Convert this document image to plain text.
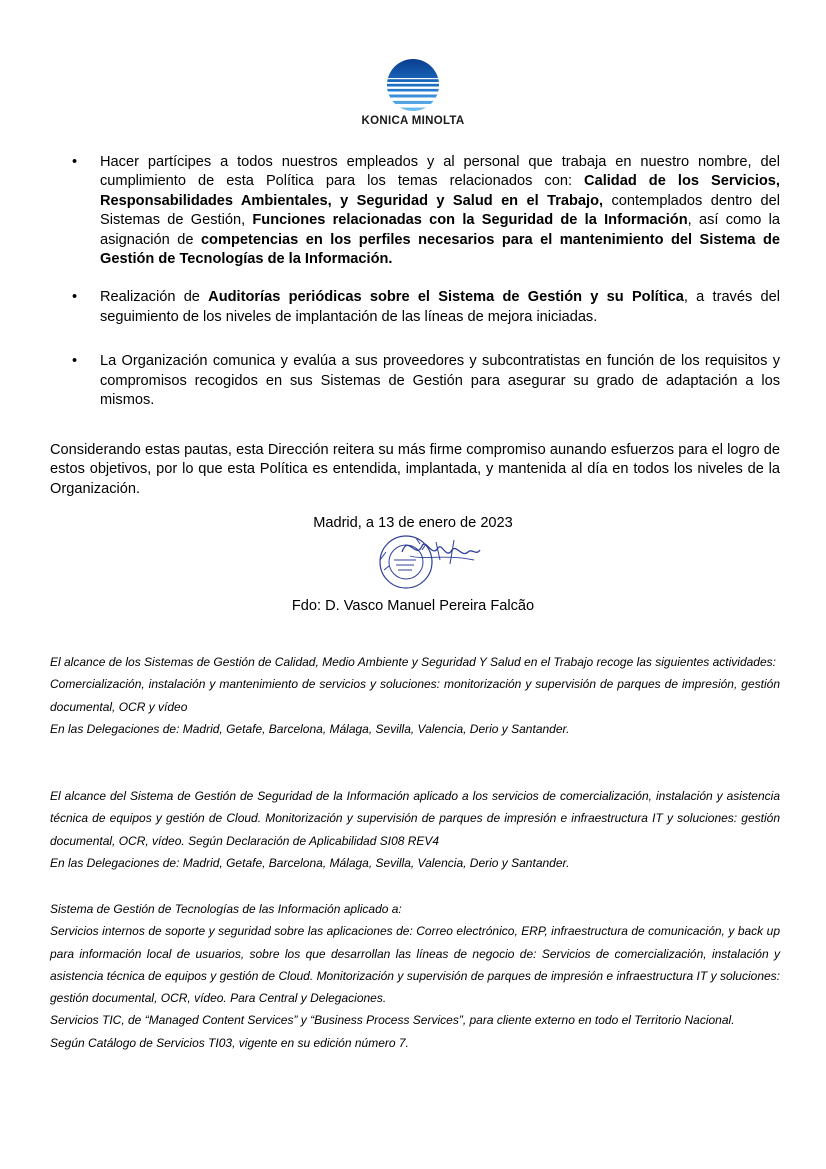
KONICA MINOLTA
• Hacer partícipes a todos nuestros empleados y al personal que trabaja en nuestro nombre, del cumplimiento de esta Política para los temas relacionados con: Calidad de los Servicios, Responsabilidades Ambientales, y Seguridad y Salud en el Trabajo, contemplados dentro del Sistemas de Gestión, Funciones relacionadas con la Seguridad de la Información, así como la asignación de competencias en los perfiles necesarios para el mantenimiento del Sistema de Gestión de Tecnologías de la Información.
• Realización de Auditorías periódicas sobre el Sistema de Gestión y su Política, a través del seguimiento de los niveles de implantación de las líneas de mejora iniciadas.
• La Organización comunica y evalúa a sus proveedores y subcontratistas en función de los requisitos y compromisos recogidos en sus Sistemas de Gestión para asegurar su grado de adaptación a los mismos.

Considerando estas pautas, esta Dirección reitera su más firme compromiso aunando esfuerzos para el logro de estos objetivos, por lo que esta Política es entendida, implantada, y mantenida al día en todos los niveles de la Organización.

Madrid, a 13 de enero de 2023
Fdo: D. Vasco Manuel Pereira Falcão

El alcance de los Sistemas de Gestión de Calidad, Medio Ambiente y Seguridad Y Salud en el Trabajo recoge las siguientes actividades:

Comercialización, instalación y mantenimiento de servicios y soluciones: monitorización y supervisión de parques de impresión, gestión documental, OCR y vídeo

En las Delegaciones de: Madrid, Getafe, Barcelona, Málaga, Sevilla, Valencia, Derio y Santander.

El alcance del Sistema de Gestión de Seguridad de la Información aplicado a los servicios de comercialización, instalación y asistencia técnica de equipos y gestión de Cloud. Monitorización y supervisión de parques de impresión e infraestructura IT y soluciones: gestión documental, OCR, vídeo. Según Declaración de Aplicabilidad SI08 REV4

En las Delegaciones de: Madrid, Getafe, Barcelona, Málaga, Sevilla, Valencia, Derio y Santander.

Sistema de Gestión de Tecnologías de las Información aplicado a:

Servicios internos de soporte y seguridad sobre las aplicaciones de: Correo electrónico, ERP, infraestructura de comunicación, y back up para información local de usuarios, sobre los que desarrollan las líneas de negocio de: Servicios de comercialización, instalación y asistencia técnica de equipos y gestión de Cloud. Monitorización y supervisión de parques de impresión e infraestructura IT y soluciones: gestión documental, OCR, vídeo. Para Central y Delegaciones.

Servicios TIC, de “Managed Content Services” y “Business Process Services”, para cliente externo en todo el Territorio Nacional.

Según Catálogo de Servicios TI03, vigente en su edición número 7.
